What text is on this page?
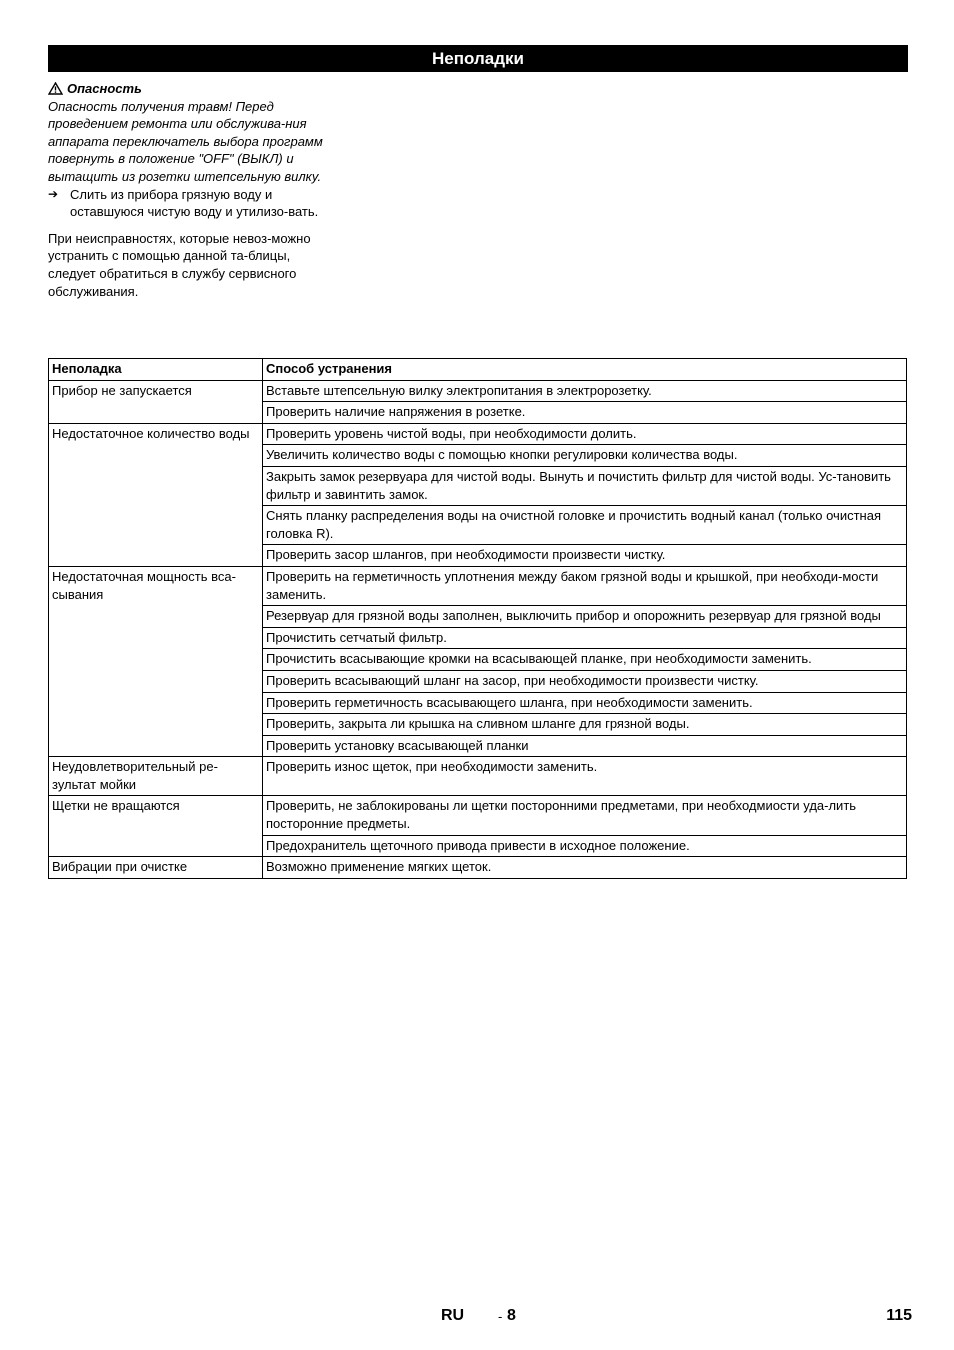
Неполадки

Опасность

Опасность получения травм! Перед проведением ремонта или обслужива-ния аппарата переключатель выбора программ повернуть в положение "OFF" (ВЫКЛ) и вытащить из розетки штепсельную вилку.

➔ Слить из прибора грязную воду и оставшуюся чистую воду и утилизо-вать.

При неисправностях, которые невоз-можно устранить с помощью данной та-блицы, следует обратиться в службу сервисного обслуживания.

Неполадка	Способ устранения
Прибор не запускается	Вставьте штепсельную вилку электропитания в электророзетку.
	Проверить наличие напряжения в розетке.
Недостаточное количество воды	Проверить уровень чистой воды, при необходимости долить.
	Увеличить количество воды с помощью кнопки регулировки количества воды.
	Закрыть замок резервуара для чистой воды. Вынуть и почистить фильтр для чистой воды. Ус-тановить фильтр и завинтить замок.
	Снять планку распределения воды на очистной головке и прочистить водный канал (только очистная головка R).
	Проверить засор шлангов, при необходимости произвести чистку.
Недостаточная мощность вса-сывания	Проверить на герметичность уплотнения между баком грязной воды и крышкой, при необходи-мости заменить.
	Резервуар для грязной воды заполнен, выключить прибор и опорожнить резервуар для грязной воды
	Прочистить сетчатый фильтр.
	Прочистить всасывающие кромки на всасывающей планке, при необходимости заменить.
	Проверить всасывающий шланг на засор, при необходимости произвести чистку.
	Проверить герметичность всасывающего шланга, при необходимости заменить.
	Проверить, закрыта ли крышка на сливном шланге для грязной воды.
	Проверить установку всасывающей планки
Неудовлетворительный ре-зультат мойки	Проверить износ щеток, при необходимости заменить.
Щетки не вращаются	Проверить, не заблокированы ли щетки посторонними предметами, при необходмиости уда-лить посторонние предметы.
	Предохранитель щеточного привода привести в исходное положение.
Вибрации при очистке	Возможно применение мягких щеток.
RU	- 8	115
